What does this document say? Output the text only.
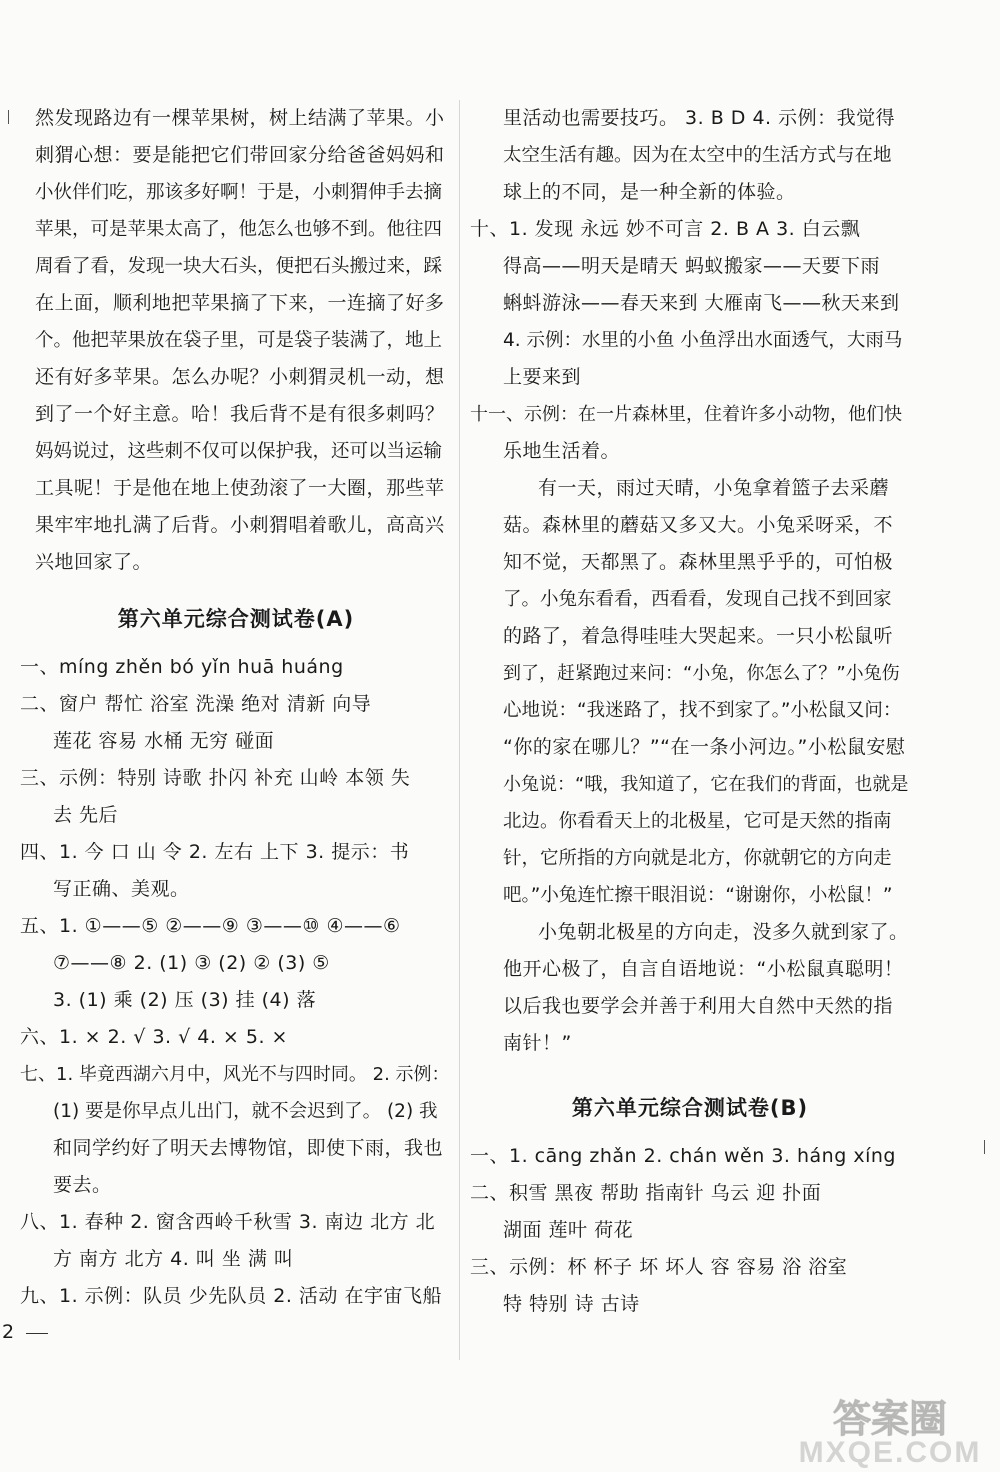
然发现路边有一棵苹果树，树上结满了苹果。小
刺猬心想：要是能把它们带回家分给爸爸妈妈和
小伙伴们吃，那该多好啊！于是，小刺猬伸手去摘
苹果，可是苹果太高了，他怎么也够不到。他往四
周看了看，发现一块大石头，便把石头搬过来，踩
在上面，顺利地把苹果摘了下来，一连摘了好多
个。他把苹果放在袋子里，可是袋子装满了，地上
还有好多苹果。怎么办呢？小刺猬灵机一动，想
到了一个好主意。哈！我后背不是有很多刺吗？
妈妈说过，这些刺不仅可以保护我，还可以当运输
工具呢！于是他在地上使劲滚了一大圈，那些苹
果牢牢地扎满了后背。小刺猬唱着歌儿，高高兴
兴地回家了。
第六单元综合测试卷(A)
一、míng zhěn bó yǐn huā huáng
二、窗户 帮忙 浴室 洗澡 绝对 清新 向导
莲花 容易 水桶 无穷 碰面
三、示例：特别 诗歌 扑闪 补充 山岭 本领 失
去 先后
四、1. 今 口 山 令 2. 左右 上下 3. 提示：书
写正确、美观。
五、1. ①——⑤ ②——⑨ ③——⑩ ④——⑥
⑦——⑧ 2. (1) ③ (2) ② (3) ⑤
3. (1) 乘 (2) 压 (3) 挂 (4) 落
六、1. × 2. √ 3. √ 4. × 5. ×
七、1. 毕竟西湖六月中，风光不与四时同。 2. 示例：
(1) 要是你早点儿出门，就不会迟到了。 (2) 我
和同学约好了明天去博物馆，即使下雨，我也
要去。
八、1. 春种 2. 窗含西岭千秋雪 3. 南边 北方 北
方 南方 北方 4. 叫 坐 满 叫
九、1. 示例：队员 少先队员 2. 活动 在宇宙飞船
里活动也需要技巧。 3. B D 4. 示例：我觉得
太空生活有趣。因为在太空中的生活方式与在地
球上的不同，是一种全新的体验。
十、1. 发现 永远 妙不可言 2. B A 3. 白云飘
得高——明天是晴天 蚂蚁搬家——天要下雨
蝌蚪游泳——春天来到 大雁南飞——秋天来到
4. 示例：水里的小鱼 小鱼浮出水面透气，大雨马
上要来到
十一、示例：在一片森林里，住着许多小动物，他们快
乐地生活着。
有一天，雨过天晴，小兔拿着篮子去采蘑
菇。森林里的蘑菇又多又大。小兔采呀采，不
知不觉，天都黑了。森林里黑乎乎的，可怕极
了。小兔东看看，西看看，发现自己找不到回家
的路了，着急得哇哇大哭起来。一只小松鼠听
到了，赶紧跑过来问：“小兔，你怎么了？”小兔伤
心地说：“我迷路了，找不到家了。”小松鼠又问：
“你的家在哪儿？”“在一条小河边。”小松鼠安慰
小兔说：“哦，我知道了，它在我们的背面，也就是
北边。你看看天上的北极星，它可是天然的指南
针，它所指的方向就是北方，你就朝它的方向走
吧。”小兔连忙擦干眼泪说：“谢谢你，小松鼠！”
小兔朝北极星的方向走，没多久就到家了。
他开心极了，自言自语地说：“小松鼠真聪明！
以后我也要学会并善于利用大自然中天然的指
南针！”
第六单元综合测试卷(B)
一、1. cāng zhǎn 2. chán wěn 3. háng xíng
二、积雪 黑夜 帮助 指南针 乌云 迎 扑面
湖面 莲叶 荷花
三、示例：杯 杯子 坏 坏人 容 容易 浴 浴室
特 特别 诗 古诗
2
答案圈
MXQE.COM
